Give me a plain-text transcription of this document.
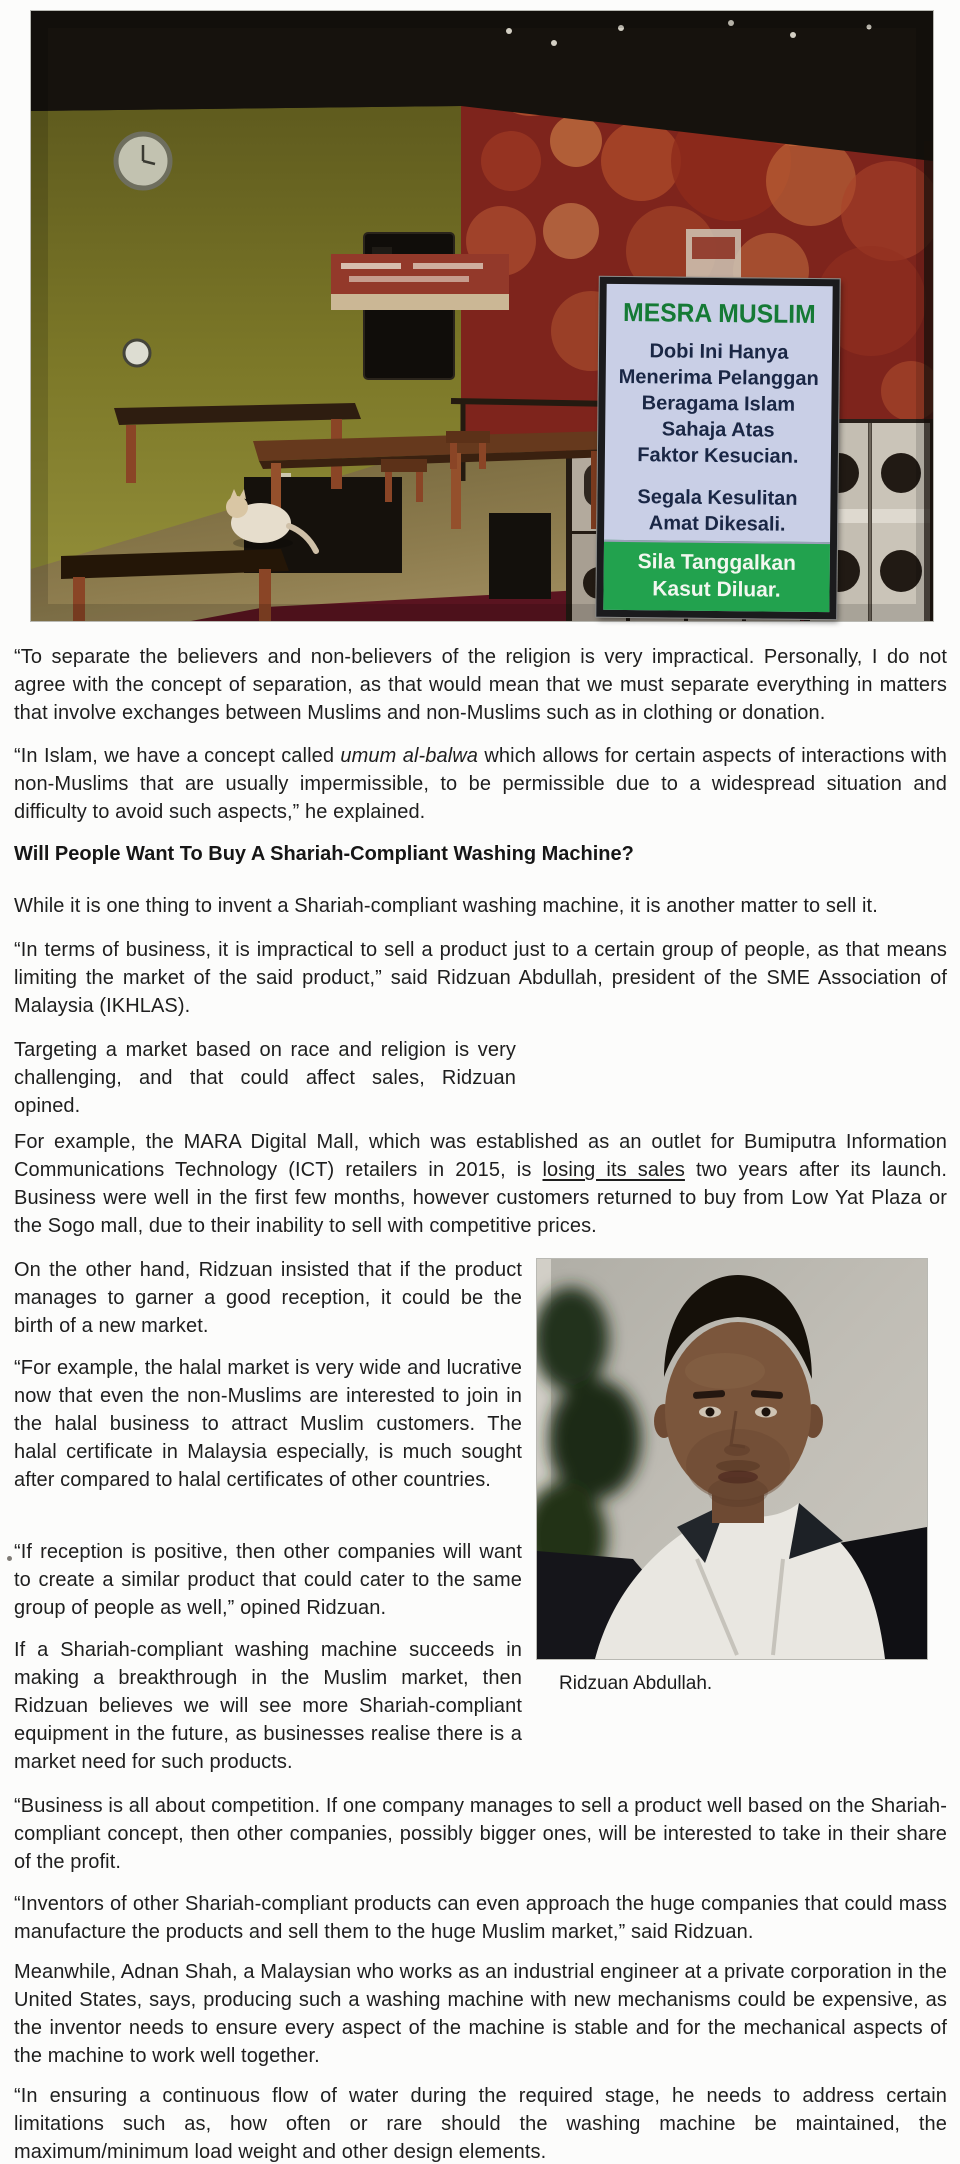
MESRA MUSLIM
Dobi Ini Hanya
Menerima Pelanggan
Beragama Islam
Sahaja Atas
Faktor Kesucian.
Segala Kesulitan
Amat Dikesali.
Sila Tanggalkan
Kasut Diluar.

“To separate the believers and non-believers of the religion is very impractical. Personally, I do not agree with the concept of separation, as that would mean that we must separate everything in matters that involve exchanges between Muslims and non-Muslims such as in clothing or donation.

“In Islam, we have a concept called umum al-balwa which allows for certain aspects of interactions with non-Muslims that are usually impermissible, to be permissible due to a widespread situation and difficulty to avoid such aspects,” he explained.

Will People Want To Buy A Shariah-Compliant Washing Machine?

While it is one thing to invent a Shariah-compliant washing machine, it is another matter to sell it.

“In terms of business, it is impractical to sell a product just to a certain group of people, as that means limiting the market of the said product,” said Ridzuan Abdullah, president of the SME Association of Malaysia (IKHLAS).

Targeting a market based on race and religion is very challenging, and that could affect sales, Ridzuan opined.

For example, the MARA Digital Mall, which was established as an outlet for Bumiputra Information Communications Technology (ICT) retailers in 2015, is losing its sales two years after its launch. Business were well in the first few months, however customers returned to buy from Low Yat Plaza or the Sogo mall, due to their inability to sell with competitive prices.

On the other hand, Ridzuan insisted that if the product manages to garner a good reception, it could be the birth of a new market.

“For example, the halal market is very wide and lucrative now that even the non-Muslims are interested to join in the halal business to attract Muslim customers. The halal certificate in Malaysia especially, is much sought after compared to halal certificates of other countries.

“If reception is positive, then other companies will want to create a similar product that could cater to the same group of people as well,” opined Ridzuan.

If a Shariah-compliant washing machine succeeds in making a breakthrough in the Muslim market, then Ridzuan believes we will see more Shariah-compliant equipment in the future, as businesses realise there is a market need for such products.

Ridzuan Abdullah.

“Business is all about competition. If one company manages to sell a product well based on the Shariah-compliant concept, then other companies, possibly bigger ones, will be interested to take in their share of the profit.

“Inventors of other Shariah-compliant products can even approach the huge companies that could mass manufacture the products and sell them to the huge Muslim market,” said Ridzuan.

Meanwhile, Adnan Shah, a Malaysian who works as an industrial engineer at a private corporation in the United States, says, producing such a washing machine with new mechanisms could be expensive, as the inventor needs to ensure every aspect of the machine is stable and for the mechanical aspects of the machine to work well together.

“In ensuring a continuous flow of water during the required stage, he needs to address certain limitations such as, how often or rare should the washing machine be maintained, the maximum/minimum load weight and other design elements.
